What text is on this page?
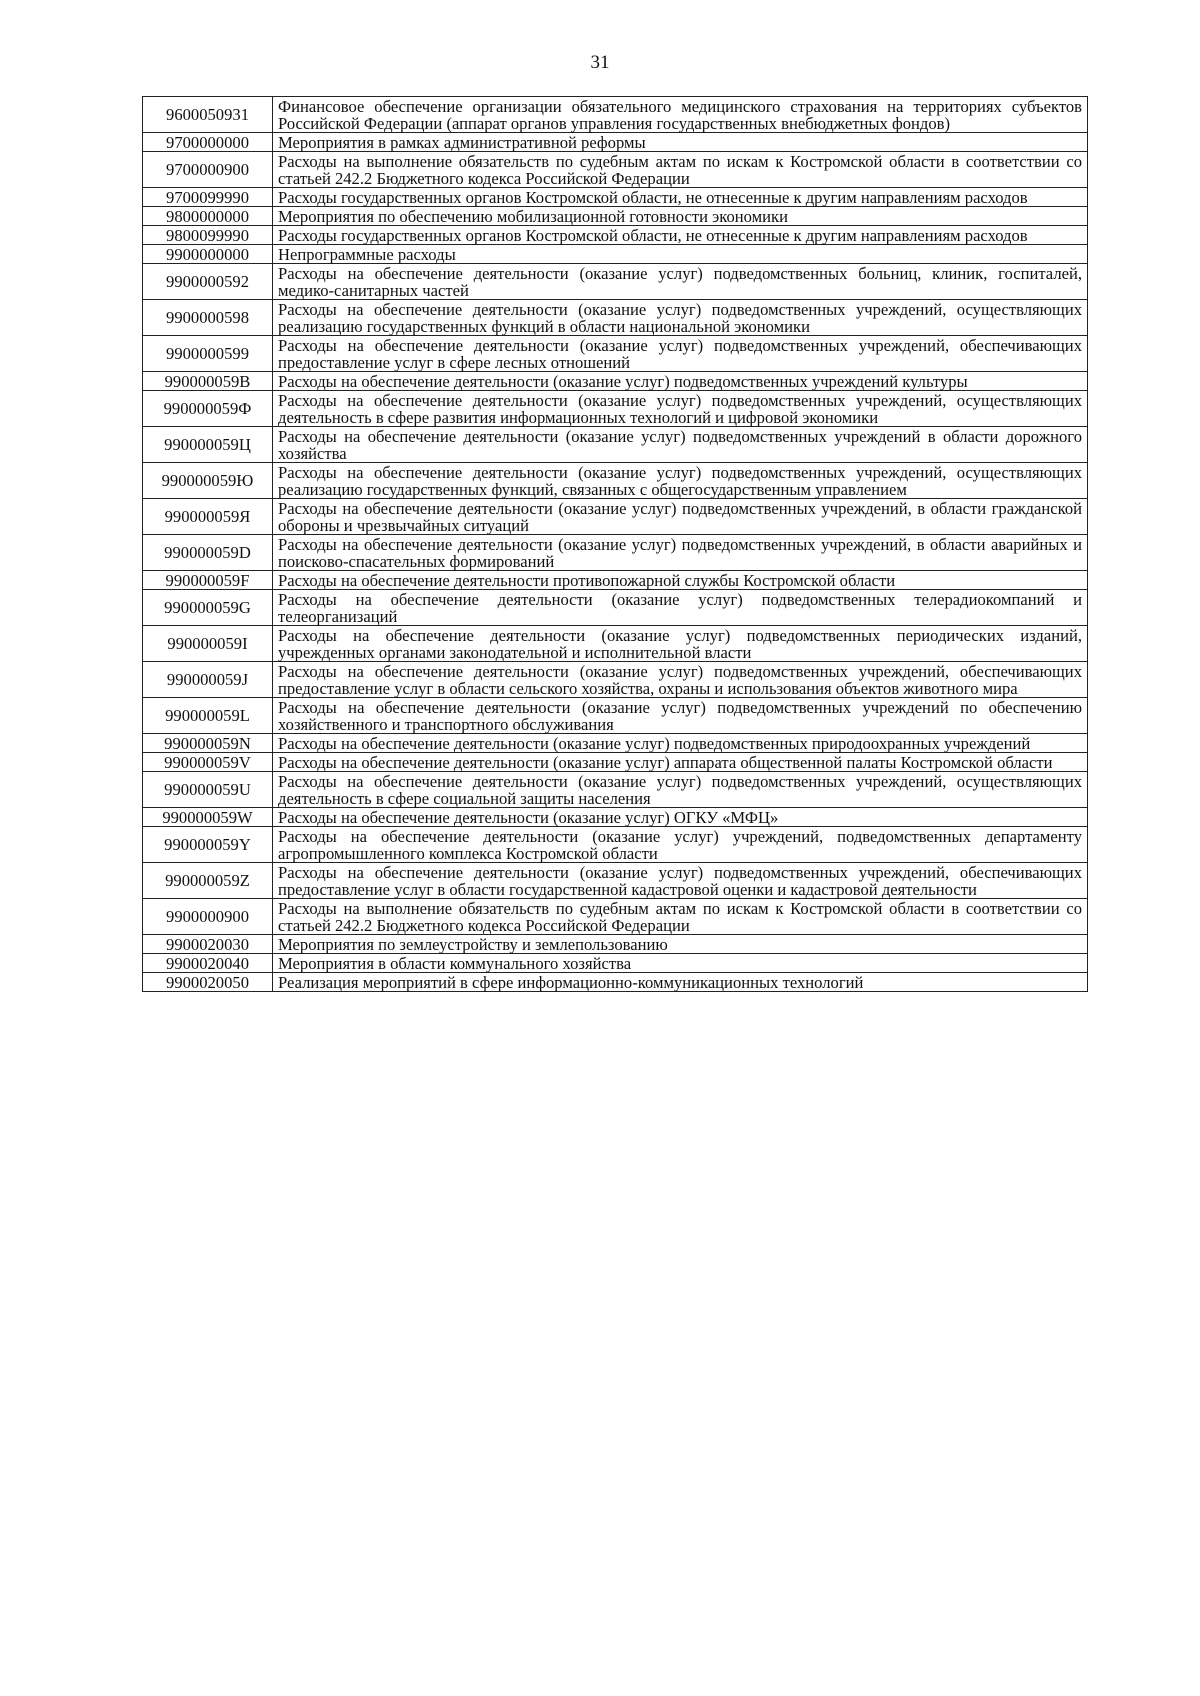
31
9600050931	Финансовое обеспечение организации обязательного медицинского страхования на территориях субъектов Российской Федерации (аппарат органов управления государственных внебюджетных фондов)
9700000000	Мероприятия в рамках административной реформы
9700000900	Расходы на выполнение обязательств по судебным актам по искам к Костромской области в соответствии со статьей 242.2 Бюджетного кодекса Российской Федерации
9700099990	Расходы государственных органов Костромской области, не отнесенные к другим направлениям расходов
9800000000	Мероприятия по обеспечению мобилизационной готовности экономики
9800099990	Расходы государственных органов Костромской области, не отнесенные к другим направлениям расходов
9900000000	Непрограммные расходы
9900000592	Расходы на обеспечение деятельности (оказание услуг) подведомственных больниц, клиник, госпиталей, медико-санитарных частей
9900000598	Расходы на обеспечение деятельности (оказание услуг) подведомственных учреждений, осуществляющих реализацию государственных функций в области национальной экономики
9900000599	Расходы на обеспечение деятельности (оказание услуг) подведомственных учреждений, обеспечивающих предоставление услуг в сфере лесных отношений
990000059В	Расходы на обеспечение деятельности (оказание услуг) подведомственных учреждений культуры
990000059Ф	Расходы на обеспечение деятельности (оказание услуг) подведомственных учреждений, осуществляющих деятельность в сфере развития информационных технологий и цифровой экономики
990000059Ц	Расходы на обеспечение деятельности (оказание услуг) подведомственных учреждений в области дорожного хозяйства
990000059Ю	Расходы на обеспечение деятельности (оказание услуг) подведомственных учреждений, осуществляющих реализацию государственных функций, связанных с общегосударственным управлением
990000059Я	Расходы на обеспечение деятельности (оказание услуг) подведомственных учреждений, в области гражданской обороны и чрезвычайных ситуаций
990000059D	Расходы на обеспечение деятельности (оказание услуг) подведомственных учреждений, в области аварийных и поисково-спасательных формирований
990000059F	Расходы на обеспечение деятельности противопожарной службы Костромской области
990000059G	Расходы на обеспечение деятельности (оказание услуг) подведомственных телерадиокомпаний и телеорганизаций
990000059I	Расходы на обеспечение деятельности (оказание услуг) подведомственных периодических изданий, учрежденных органами законодательной и исполнительной власти
990000059J	Расходы на обеспечение деятельности (оказание услуг) подведомственных учреждений, обеспечивающих предоставление услуг в области сельского хозяйства, охраны и использования объектов животного мира
990000059L	Расходы на обеспечение деятельности (оказание услуг) подведомственных учреждений по обеспечению хозяйственного и транспортного обслуживания
990000059N	Расходы на обеспечение деятельности (оказание услуг) подведомственных природоохранных учреждений
990000059V	Расходы на обеспечение деятельности (оказание услуг) аппарата общественной палаты Костромской области
990000059U	Расходы на обеспечение деятельности (оказание услуг) подведомственных учреждений, осуществляющих деятельность в сфере социальной защиты населения
990000059W	Расходы на обеспечение деятельности (оказание услуг) ОГКУ «МФЦ»
990000059Y	Расходы на обеспечение деятельности (оказание услуг) учреждений, подведомственных департаменту агропромышленного комплекса Костромской области
990000059Z	Расходы на обеспечение деятельности (оказание услуг) подведомственных учреждений, обеспечивающих предоставление услуг в области государственной кадастровой оценки и кадастровой деятельности
9900000900	Расходы на выполнение обязательств по судебным актам по искам к Костромской области в соответствии со статьей 242.2 Бюджетного кодекса Российской Федерации
9900020030	Мероприятия по землеустройству и землепользованию
9900020040	Мероприятия в области коммунального хозяйства
9900020050	Реализация мероприятий в сфере информационно-коммуникационных технологий
